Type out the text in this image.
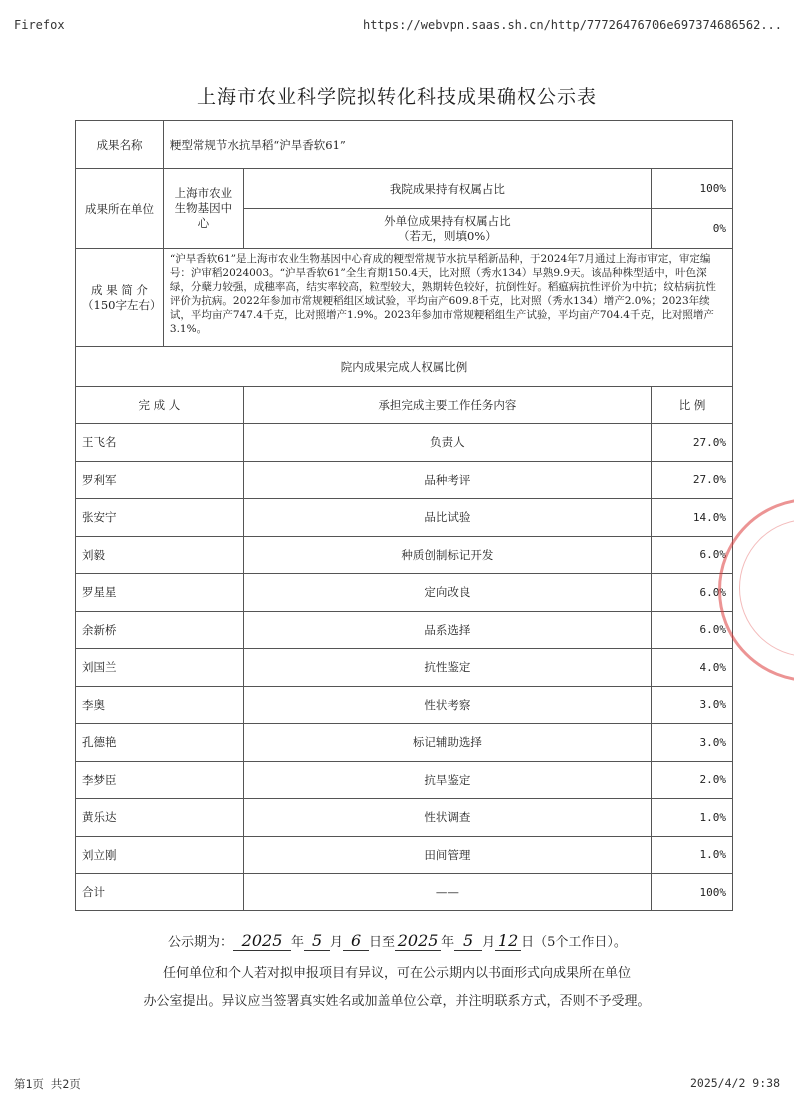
Firefox	https://webvpn.saas.sh.cn/http/77726476706e697374686562...
上海市农业科学院拟转化科技成果确权公示表
成果名称	粳型常规节水抗旱稻“沪旱香软61”		
成果所在单位	上海市农业生物基因中心	我院成果持有权属占比	100%

		外单位成果持有权属占比
（若无，则填0%）	0%

成 果 简 介
（150字左右）	“沪旱香软61”是上海市农业生物基因中心育成的粳型常规节水抗旱稻新品种，于2024年7月通过上海市审定，审定编号：沪审稻2024003。“沪旱香软61”全生育期150.4天，比对照（秀水134）早熟9.9天。该品种株型适中，叶色深绿，分蘖力较强，成穗率高，结实率较高，粒型较大，熟期转色较好，抗倒性好。稻瘟病抗性评价为中抗；纹枯病抗性评价为抗病。2022年参加市常规粳稻组区域试验，平均亩产609.8千克，比对照（秀水134）增产2.0%；2023年续试，平均亩产747.4千克，比对照增产1.9%。2023年参加市常规粳稻组生产试验，平均亩产704.4千克，比对照增产3.1%。		
院内成果完成人权属比例			
完 成 人		承担完成主要工作任务内容	比 例
王飞名		负责人	27.0%
罗利军		品种考评	27.0%
张安宁		品比试验	14.0%
刘毅		种质创制标记开发	6.0%
罗星星		定向改良	6.0%
余新桥		品系选择	6.0%
刘国兰		抗性鉴定	4.0%
李奥		性状考察	3.0%
孔德艳		标记辅助选择	3.0%
李梦臣		抗旱鉴定	2.0%
黄乐达		性状调查	1.0%
刘立刚		田间管理	1.0%
合计		——	100%
公示期为： 2025 年 5 月 6 日至 2025 年 5 月 12 日（5个工作日）。
任何单位和个人若对拟申报项目有异议，可在公示期内以书面形式向成果所在单位
办公室提出。异议应当签署真实姓名或加盖单位公章，并注明联系方式，否则不予受理。
第1页 共2页	2025/4/2 9:38
